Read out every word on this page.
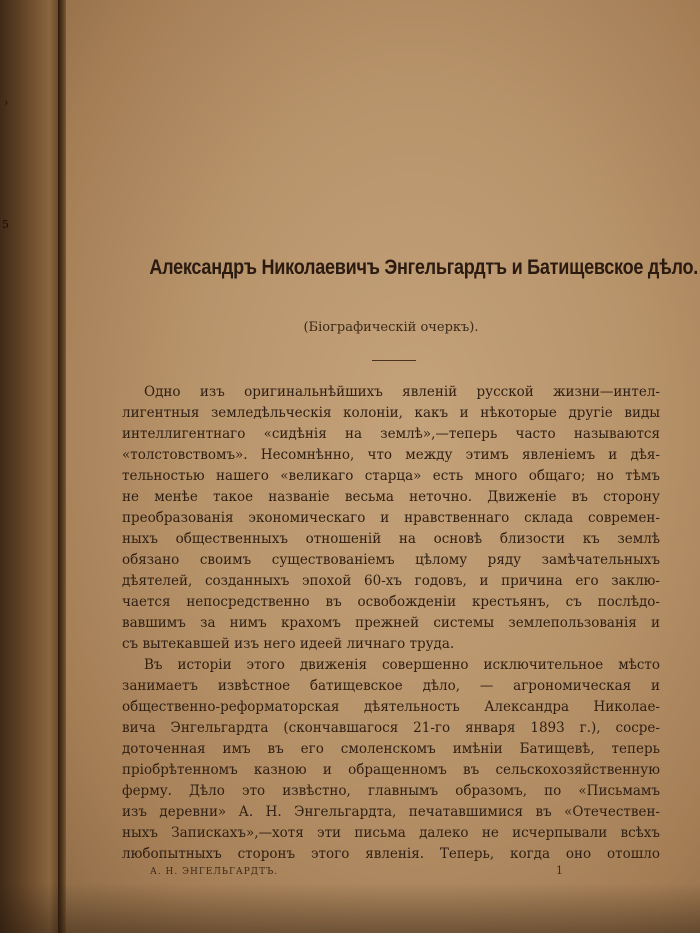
›
5
Александръ Николаевичъ Энгельгардтъ и Батищевское дѣло.
(Біографическій очеркъ).
Одно изъ оригинальнѣйшихъ явленій русской жизни—интел-
лигентныя земледѣльческія колоніи, какъ и нѣкоторые другіе виды
интеллигентнаго «сидѣнія на землѣ»,—теперь часто называются
«толстовствомъ». Несомнѣнно, что между этимъ явленіемъ и дѣя-
тельностью нашего «великаго старца» есть много общаго; но тѣмъ
не менѣе такое названіе весьма неточно. Движеніе въ сторону
преобразованія экономическаго и нравственнаго склада современ-
ныхъ общественныхъ отношеній на основѣ близости къ землѣ
обязано своимъ существованіемъ цѣлому ряду замѣчательныхъ
дѣятелей, созданныхъ эпохой 60-хъ годовъ, и причина его заклю-
чается непосредственно въ освобожденіи крестьянъ, съ послѣдо-
вавшимъ за нимъ крахомъ прежней системы землепользованія и
съ вытекавшей изъ него идеей личнаго труда.
Въ исторіи этого движенія совершенно исключительное мѣсто
занимаетъ извѣстное батищевское дѣло, — агрономическая и
общественно-реформаторская дѣятельность Александра Николае-
вича Энгельгардта (скончавшагося 21-го января 1893 г.), сосре-
доточенная имъ въ его смоленскомъ имѣніи Батищевѣ, теперь
пріобрѣтенномъ казною и обращенномъ въ сельскохозяйственную
ферму. Дѣло это извѣстно, главнымъ образомъ, по «Письмамъ
изъ деревни» А. Н. Энгельгардта, печатавшимися въ «Отечествен-
ныхъ Запискахъ»,—хотя эти письма далеко не исчерпывали всѣхъ
любопытныхъ сторонъ этого явленія. Теперь, когда оно отошло
А. Н. ЭНГЕЛЬГАРДТЪ.	1
